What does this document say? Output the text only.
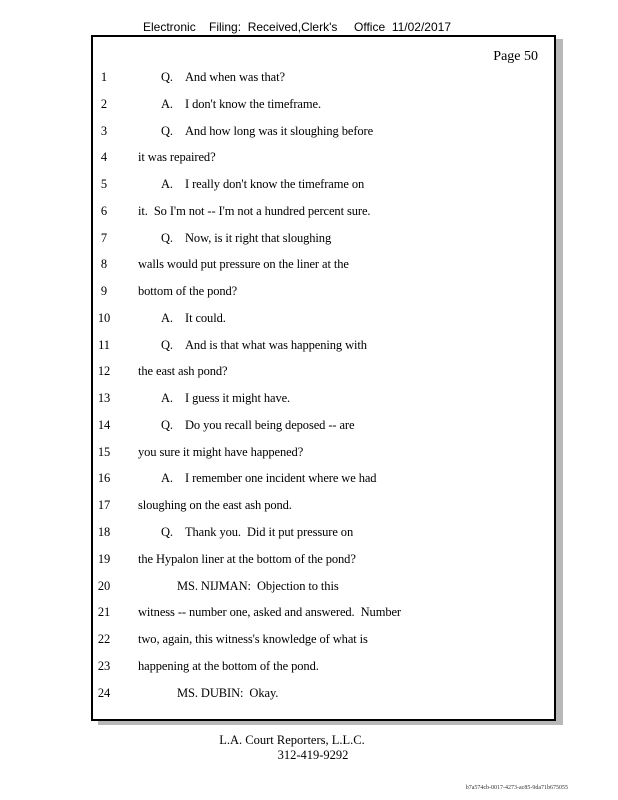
Electronic    Filing:  Received,Clerk's     Office  11/02/2017
Page 50
1	Q. And when was that?
2	A. I don't know the timeframe.
3	Q. And how long was it sloughing before
4	it was repaired?
5	A. I really don't know the timeframe on
6	it.  So I'm not -- I'm not a hundred percent sure.
7	Q. Now, is it right that sloughing
8	walls would put pressure on the liner at the
9	bottom of the pond?
10	A. It could.
11	Q. And is that what was happening with
12	the east ash pond?
13	A. I guess it might have.
14	Q. Do you recall being deposed -- are
15	you sure it might have happened?
16	A. I remember one incident where we had
17	sloughing on the east ash pond.
18	Q. Thank you.  Did it put pressure on
19	the Hypalon liner at the bottom of the pond?
20	MS. NIJMAN:  Objection to this
21	witness -- number one, asked and answered.  Number
22	two, again, this witness's knowledge of what is
23	happening at the bottom of the pond.
24	MS. DUBIN:  Okay.
L.A. Court Reporters, L.L.C.
312-419-9292
b7a574cb-0017-4273-ac85-9da71b675055
